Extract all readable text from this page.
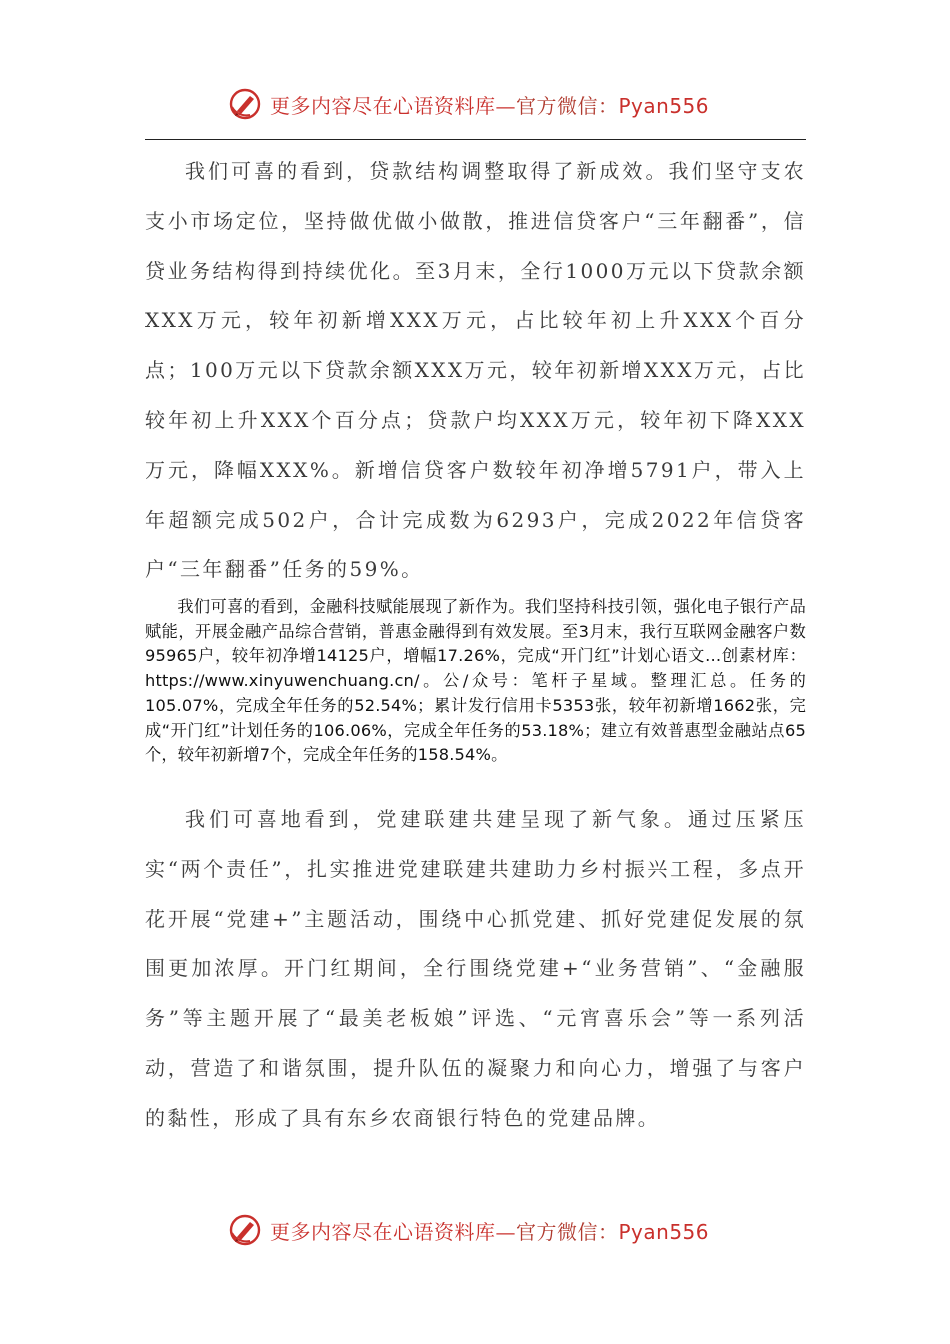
更多内容尽在心语资料库—官方微信：Pyan556

我们可喜的看到，贷款结构调整取得了新成效。我们坚守支农支小市场定位，坚持做优做小做散，推进信贷客户“三年翻番”，信贷业务结构得到持续优化。至3月末，全行1000万元以下贷款余额XXX万元，较年初新增XXX万元，占比较年初上升XXX个百分点；100万元以下贷款余额XXX万元，较年初新增XXX万元，占比较年初上升XXX个百分点；贷款户均XXX万元，较年初下降XXX万元，降幅XXX%。新增信贷客户数较年初净增5791户，带入上年超额完成502户，合计完成数为6293户，完成2022年信贷客户“三年翻番”任务的59%。

我们可喜的看到，金融科技赋能展现了新作为。我们坚持科技引领，强化电子银行产品赋能，开展金融产品综合营销，普惠金融得到有效发展。至3月末，我行互联网金融客户数95965户，较年初净增14125户，增幅17.26%，完成“开门红”计划心语文…创素材库：https://www.xinyuwenchuang.cn/。公/众号：笔杆子星域。整理汇总。任务的105.07%，完成全年任务的52.54%；累计发行信用卡5353张，较年初新增1662张，完成“开门红”计划任务的106.06%，完成全年任务的53.18%；建立有效普惠型金融站点65个，较年初新增7个，完成全年任务的158.54%。

我们可喜地看到，党建联建共建呈现了新气象。通过压紧压实“两个责任”，扎实推进党建联建共建助力乡村振兴工程，多点开花开展“党建+”主题活动，围绕中心抓党建、抓好党建促发展的氛围更加浓厚。开门红期间，全行围绕党建+“业务营销”、“金融服务”等主题开展了“最美老板娘”评选、“元宵喜乐会”等一系列活动，营造了和谐氛围，提升队伍的凝聚力和向心力，增强了与客户的黏性，形成了具有东乡农商银行特色的党建品牌。

更多内容尽在心语资料库—官方微信：Pyan556
